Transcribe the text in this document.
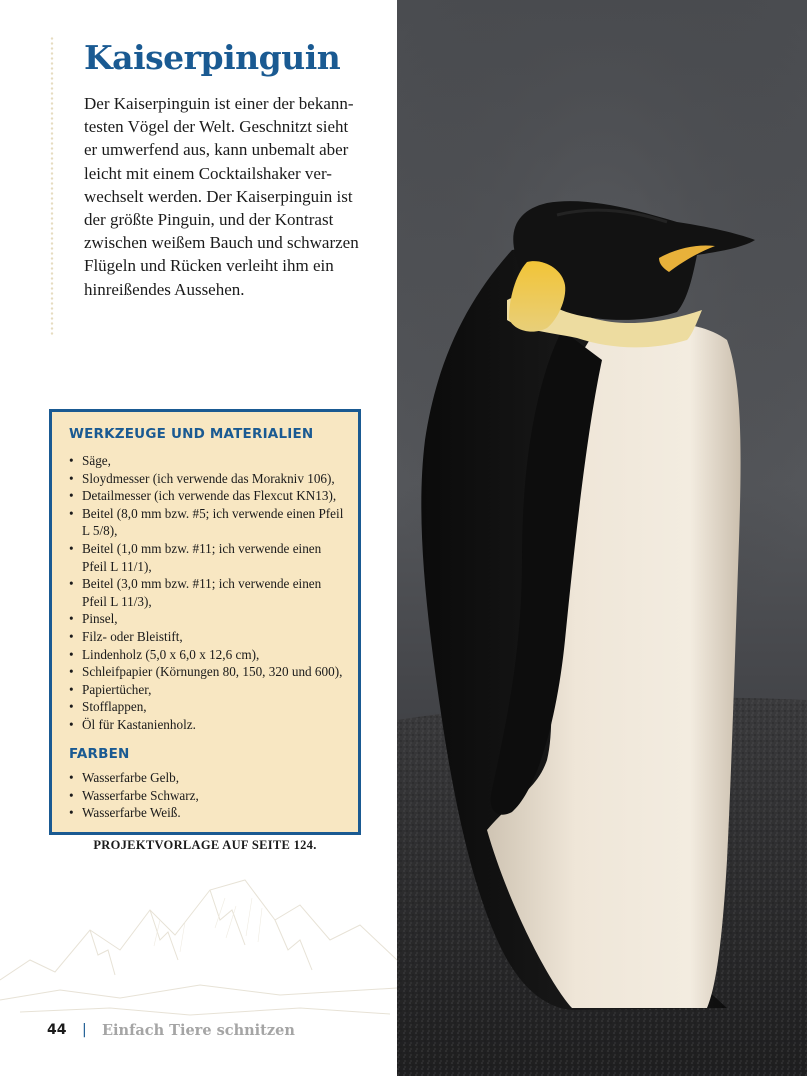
Kaiserpinguin

Der Kaiserpinguin ist einer der bekann-
testen Vögel der Welt. Geschnitzt sieht
er umwerfend aus, kann unbemalt aber
leicht mit einem Cocktailshaker ver-
wechselt werden. Der Kaiserpinguin ist
der größte Pinguin, und der Kontrast
zwischen weißem Bauch und schwarzen
Flügeln und Rücken verleiht ihm ein
hinreißendes Aussehen.

WERKZEUGE UND MATERIALIEN
• Säge,
• Sloydmesser (ich verwende das Morakniv 106),
• Detailmesser (ich verwende das Flexcut KN13),
• Beitel (8,0 mm bzw. #5; ich verwende einen Pfeil
L 5/8),
• Beitel (1,0 mm bzw. #11; ich verwende einen
Pfeil L 11/1),
• Beitel (3,0 mm bzw. #11; ich verwende einen
Pfeil L 11/3),
• Pinsel,
• Filz- oder Bleistift,
• Lindenholz (5,0 x 6,0 x 12,6 cm),
• Schleifpapier (Körnungen 80, 150, 320 und 600),
• Papiertücher,
• Stofflappen,
• Öl für Kastanienholz.
FARBEN
• Wasserfarbe Gelb,
• Wasserfarbe Schwarz,
• Wasserfarbe Weiß.
PROJEKTVORLAGE AUF SEITE 124.
44 | Einfach Tiere schnitzen
